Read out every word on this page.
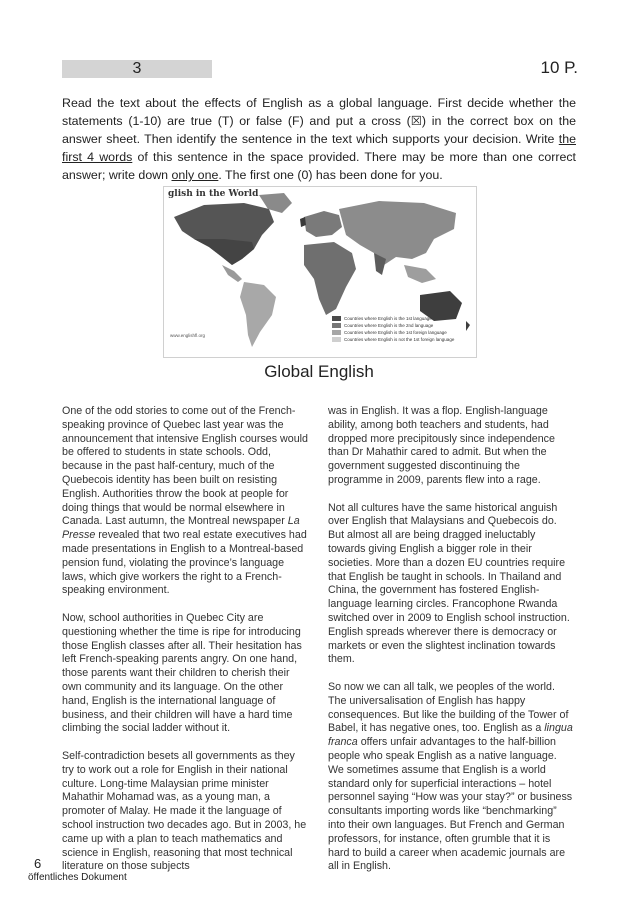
3	10 P.
Read the text about the effects of English as a global language. First decide whether the statements (1-10) are true (T) or false (F) and put a cross (☒) in the correct box on the answer sheet. Then identify the sentence in the text which supports your decision. Write the first 4 words of this sentence in the space provided. There may be more than one correct answer; write down only one. The first one (0) has been done for you.
glish in the World
www.englishfl.org
Countries where English is the 1st language
Countries where English is the 2nd language
Countries where English is the 1st foreign language
Countries where English is not the 1st foreign language
Global English

One of the odd stories to come out of the French-speaking province of Quebec last year was the announcement that intensive English courses would be offered to students in state schools. Odd, because in the past half-century, much of the Quebecois identity has been built on resisting English. Authorities throw the book at people for doing things that would be normal elsewhere in Canada. Last autumn, the Montreal newspaper La Presse revealed that two real estate executives had made presentations in English to a Montreal-based pension fund, violating the province’s language laws, which give workers the right to a French-speaking environment.

Now, school authorities in Quebec City are questioning whether the time is ripe for introducing those English classes after all. Their hesitation has left French-speaking parents angry. On one hand, those parents want their children to cherish their own community and its language. On the other hand, English is the international language of business, and their children will have a hard time climbing the social ladder without it.

Self-contradiction besets all governments as they try to work out a role for English in their national culture. Long-time Malaysian prime minister Mahathir Mohamad was, as a young man, a promoter of Malay. He made it the language of school instruction two decades ago. But in 2003, he came up with a plan to teach mathematics and science in English, reasoning that most technical literature on those subjects

was in English. It was a flop. English-language ability, among both teachers and students, had dropped more precipitously since independence than Dr Mahathir cared to admit. But when the government suggested discontinuing the programme in 2009, parents flew into a rage.

Not all cultures have the same historical anguish over English that Malaysians and Quebecois do. But almost all are being dragged ineluctably towards giving English a bigger role in their societies. More than a dozen EU countries require that English be taught in schools. In Thailand and China, the government has fostered English-language learning circles. Francophone Rwanda switched over in 2009 to English school instruction. English spreads wherever there is democracy or markets or even the slightest inclination towards them.

So now we can all talk, we peoples of the world. The universalisation of English has happy consequences. But like the building of the Tower of Babel, it has negative ones, too. English as a lingua franca offers unfair advantages to the half-billion people who speak English as a native language. We sometimes assume that English is a world standard only for superficial interactions – hotel personnel saying “How was your stay?” or business consultants importing words like “benchmarking” into their own languages. But French and German professors, for instance, often grumble that it is hard to build a career when academic journals are all in English.

6
öffentliches Dokument
